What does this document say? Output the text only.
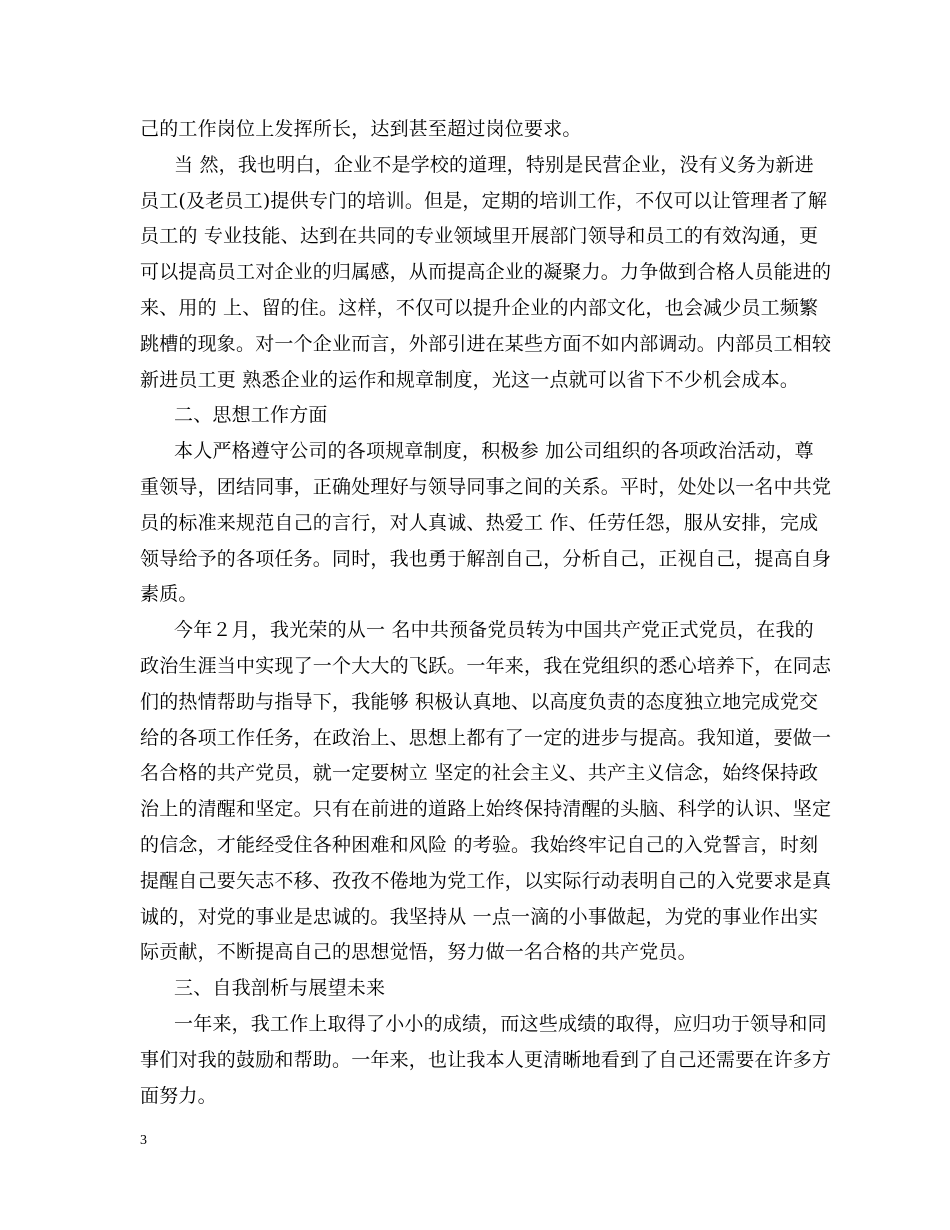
己的工作岗位上发挥所长，达到甚至超过岗位要求。
当 然，我也明白，企业不是学校的道理，特别是民营企业，没有义务为新进
员工(及老员工)提供专门的培训。但是，定期的培训工作，不仅可以让管理者了解
员工的 专业技能、达到在共同的专业领域里开展部门领导和员工的有效沟通，更
可以提高员工对企业的归属感，从而提高企业的凝聚力。力争做到合格人员能进的
来、用的 上、留的住。这样，不仅可以提升企业的内部文化，也会减少员工频繁
跳槽的现象。对一个企业而言，外部引进在某些方面不如内部调动。内部员工相较
新进员工更 熟悉企业的运作和规章制度，光这一点就可以省下不少机会成本。
二、思想工作方面
本人严格遵守公司的各项规章制度，积极参 加公司组织的各项政治活动，尊
重领导，团结同事，正确处理好与领导同事之间的关系。平时，处处以一名中共党
员的标准来规范自己的言行，对人真诚、热爱工 作、任劳任怨，服从安排，完成
领导给予的各项任务。同时，我也勇于解剖自己，分析自己，正视自己，提高自身
素质。
今年２月，我光荣的从一 名中共预备党员转为中国共产党正式党员，在我的
政治生涯当中实现了一个大大的飞跃。一年来，我在党组织的悉心培养下，在同志
们的热情帮助与指导下，我能够 积极认真地、以高度负责的态度独立地完成党交
给的各项工作任务，在政治上、思想上都有了一定的进步与提高。我知道，要做一
名合格的共产党员，就一定要树立 坚定的社会主义、共产主义信念，始终保持政
治上的清醒和坚定。只有在前进的道路上始终保持清醒的头脑、科学的认识、坚定
的信念，才能经受住各种困难和风险 的考验。我始终牢记自己的入党誓言，时刻
提醒自己要矢志不移、孜孜不倦地为党工作，以实际行动表明自己的入党要求是真
诚的，对党的事业是忠诚的。我坚持从 一点一滴的小事做起，为党的事业作出实
际贡献，不断提高自己的思想觉悟，努力做一名合格的共产党员。
三、自我剖析与展望未来
一年来，我工作上取得了小小的成绩，而这些成绩的取得，应归功于领导和同
事们对我的鼓励和帮助。一年来，也让我本人更清晰地看到了自己还需要在许多方
面努力。
3
